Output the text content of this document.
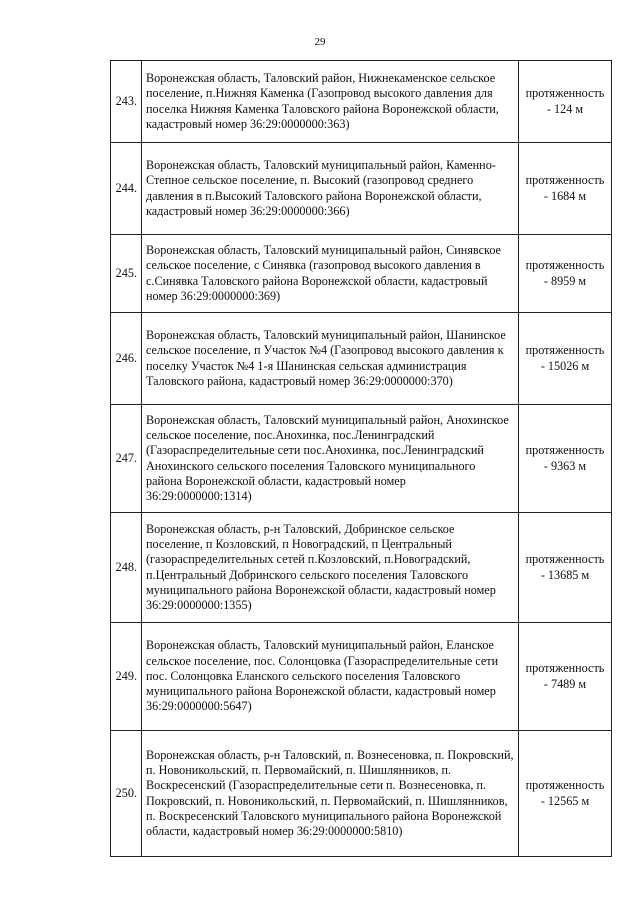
29
243.	Воронежская область, Таловский район, Нижнекаменское сельское поселение, п.Нижняя Каменка (Газопровод высокого давления для поселка Нижняя Каменка Таловского района Воронежской области, кадастровый номер 36:29:0000000:363)	протяженность
- 124 м
244.	Воронежская область, Таловский муниципальный район, Каменно-Степное сельское поселение, п. Высокий (газопровод среднего давления в п.Высокий Таловского района Воронежской области, кадастровый номер 36:29:0000000:366)	протяженность
- 1684 м
245.	Воронежская область, Таловский муниципальный район, Синявское сельское поселение, с Синявка (газопровод высокого давления в с.Синявка Таловского района Воронежской области, кадастровый номер 36:29:0000000:369)	протяженность
- 8959 м
246.	Воронежская область, Таловский муниципальный район, Шанинское сельское поселение, п Участок №4 (Газопровод высокого давления к поселку Участок №4 1-я Шанинская сельская администрация Таловского района, кадастровый номер 36:29:0000000:370)	протяженность
- 15026 м
247.	Воронежская область, Таловский муниципальный район, Анохинское сельское поселение, пос.Анохинка, пос.Ленинградский (Газораспределительные сети пос.Анохинка, пос.Ленинградский Анохинского сельского поселения Таловского муниципального района Воронежской области, кадастровый номер 36:29:0000000:1314)	протяженность
- 9363 м
248.	Воронежская область, р-н Таловский, Добринское сельское поселение, п Козловский, п Новоградский, п Центральный (газораспределительных сетей п.Козловский, п.Новоградский, п.Центральный Добринского сельского поселения Таловского муниципального района Воронежской области, кадастровый номер 36:29:0000000:1355)	протяженность
- 13685 м
249.	Воронежская область, Таловский муниципальный район, Еланское сельское поселение, пос. Солонцовка (Газораспределительные сети пос. Солонцовка Еланского сельского поселения Таловского муниципального района Воронежской области, кадастровый номер 36:29:0000000:5647)	протяженность
- 7489 м
250.	Воронежская область, р-н Таловский, п. Вознесеновка, п. Покровский, п. Новоникольский, п. Первомайский, п. Шишлянников, п. Воскресенский (Газораспределительные сети п. Вознесеновка, п. Покровский, п. Новоникольский, п. Первомайский, п. Шишлянников, п. Воскресенский Таловского муниципального района Воронежской области, кадастровый номер 36:29:0000000:5810)	протяженность
- 12565 м
